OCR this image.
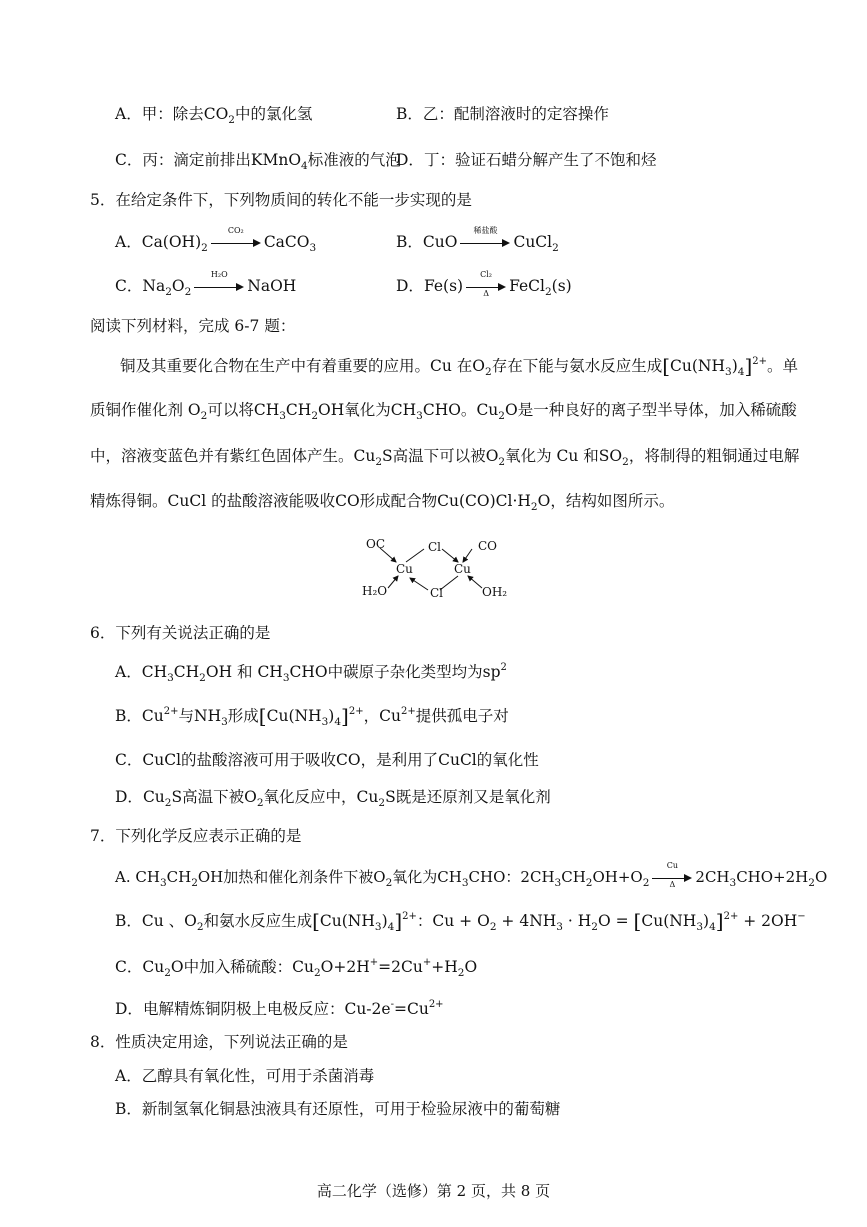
A．甲：除去$CO_2$中的氯化氢	B．乙：配制溶液时的定容操作
C．丙：滴定前排出KMnO$_4$标准液的气泡
D．丁：验证石蜡分解产生了不饱和烃
5．在给定条件下，下列物质间的转化不能一步实现的是
A．$Ca(OH)_2$
CO₂
CaCO$_3$	B．CuO
稀盐酸
CuCl$_2$
C．$Na_2O_2$
H₂O
NaOH	D．$Fe(s) \frac{\text{Cl₂}}{\Delta}$ FeCl$_2$(s)
阅读下列材料，完成 6-7 题：
铜及其重要化合物在生产中有着重要的应用。Cu 在$O_2$存在下能与氨水反应生成$[Cu(NH_3)_4]^{2+}$。单
质铜作催化剂 $O_2$可以将$CH_3CH_2OH$氧化为$CH_3CHO$。$Cu_2O$是一种良好的离子型半导体，加入稀硫酸
中，溶液变蓝色并有紫红色固体产生。$Cu_2S$高温下可以被$O_2$氧化为 Cu 和$SO_2$，将制得的粗铜通过电解
精炼得铜。CuCl 的盐酸溶液能吸收CO形成配合物$Cu(CO)Cl\cdot H_2O$，结构如图所示。
OC	Cl	CO
Cu	Cu
H₂O	Cl	OH₂
6．下列有关说法正确的是
A．$CH_3CH_2OH$ 和 $CH_3CHO$中碳原子杂化类型均为$sp^2$
B．$Cu^{2+}$与$NH_3$形成$[Cu(NH_3)_4]^{2+}$，$Cu^{2+}$提供孤电子对
C．CuCl的盐酸溶液可用于吸收CO，是利用了CuCl的氧化性
D．$Cu_2S$高温下被$O_2$氧化反应中，$Cu_2S$既是还原剂又是氧化剂
7．下列化学反应表示正确的是
A. $CH_3CH_2OH$加热和催化剂条件下被$O_2$氧化为$CH_3CHO$：$2CH_3CH_2OH+O_2 \frac{Cu}{\Delta} 2CH_3CHO+2H_2O$
B．Cu 、$O_2$和氨水反应生成$[Cu(NH_3)_4]^{2+}$：$Cu + O_2 + 4NH_3 \cdot H_2O = [Cu(NH_3)_4]^{2+} + 2OH^-$
C．$Cu_2O$中加入稀硫酸：$Cu_2O+2H^+=2Cu^++H_2O$
D．电解精炼铜阴极上电极反应：$Cu-2e^-=Cu^{2+}$
8．性质决定用途，下列说法正确的是
A．乙醇具有氧化性，可用于杀菌消毒
B．新制氢氧化铜悬浊液具有还原性，可用于检验尿液中的葡萄糖
高二化学（选修）第 2 页，共 8 页
